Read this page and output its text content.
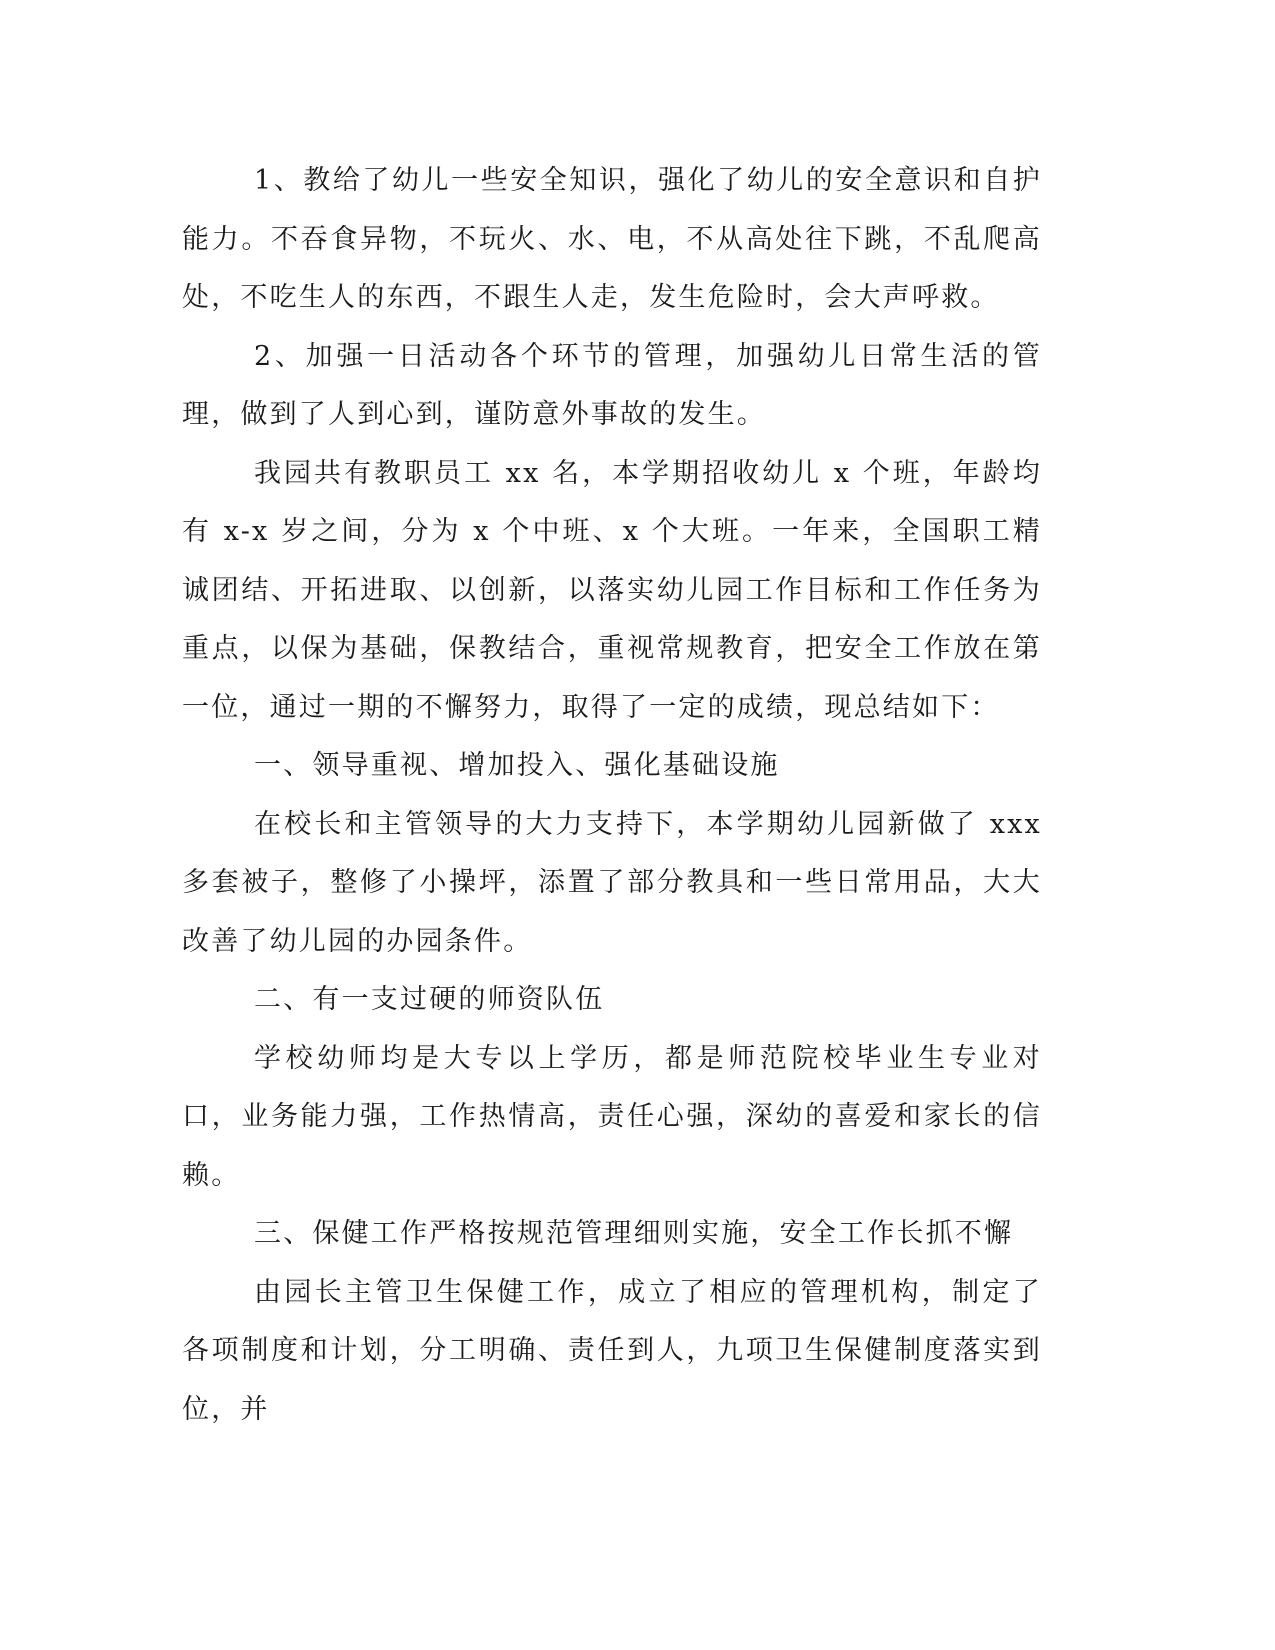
1、教给了幼儿一些安全知识，强化了幼儿的安全意识和自护能力。不吞食异物，不玩火、水、电，不从高处往下跳，不乱爬高处，不吃生人的东西，不跟生人走，发生危险时，会大声呼救。

2、加强一日活动各个环节的管理，加强幼儿日常生活的管理，做到了人到心到，谨防意外事故的发生。

我园共有教职员工 xx 名，本学期招收幼儿 x 个班，年龄均有 x-x 岁之间，分为 x 个中班、x 个大班。一年来，全国职工精诚团结、开拓进取、以创新，以落实幼儿园工作目标和工作任务为重点，以保为基础，保教结合，重视常规教育，把安全工作放在第一位，通过一期的不懈努力，取得了一定的成绩，现总结如下：

一、领导重视、增加投入、强化基础设施

在校长和主管领导的大力支持下，本学期幼儿园新做了 xxx 多套被子，整修了小操坪，添置了部分教具和一些日常用品，大大改善了幼儿园的办园条件。

二、有一支过硬的师资队伍

学校幼师均是大专以上学历，都是师范院校毕业生专业对口，业务能力强，工作热情高，责任心强，深幼的喜爱和家长的信赖。

三、保健工作严格按规范管理细则实施，安全工作长抓不懈

由园长主管卫生保健工作，成立了相应的管理机构，制定了各项制度和计划，分工明确、责任到人，九项卫生保健制度落实到位，并
